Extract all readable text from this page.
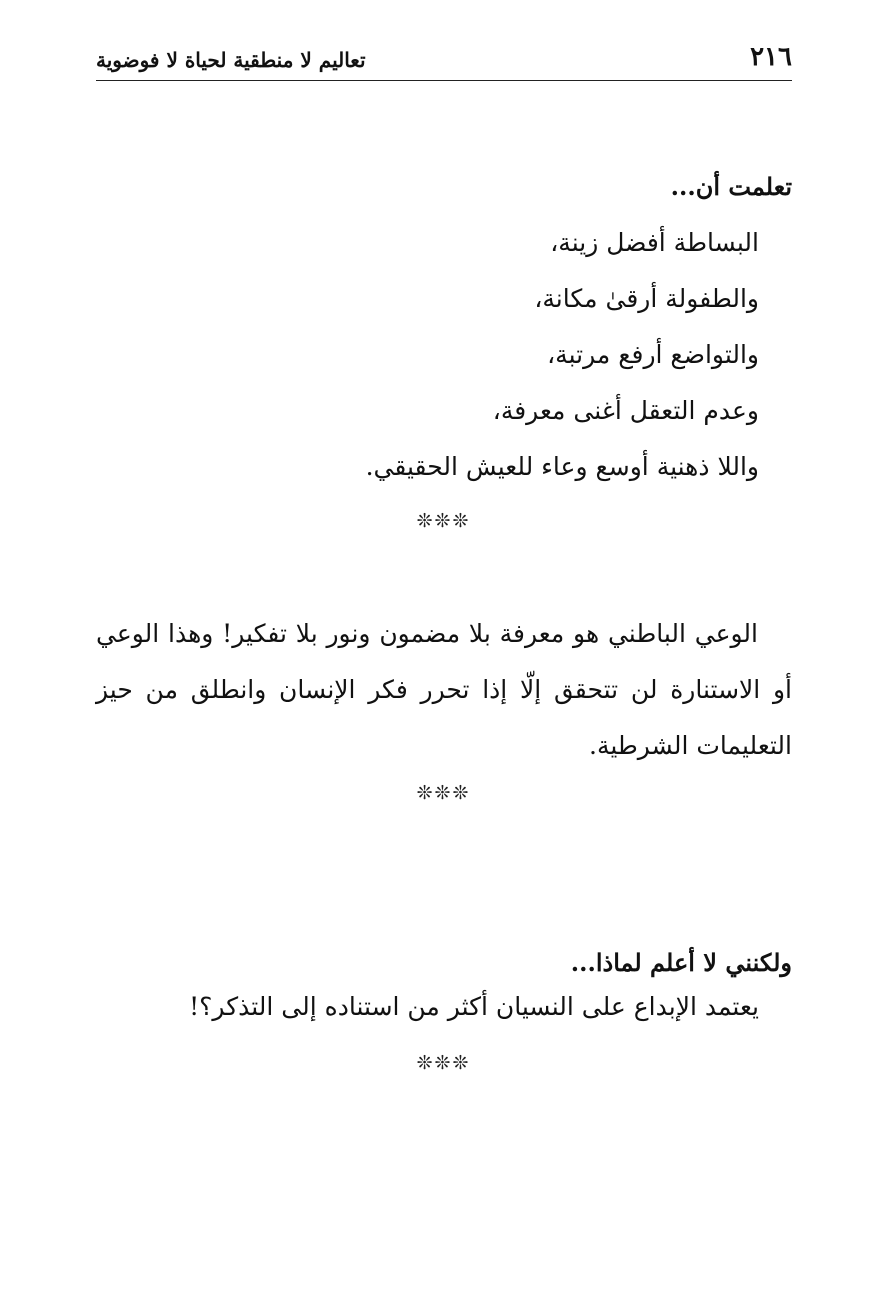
٢١٦
تعاليم لا منطقية لحياة لا فوضوية
تعلمت أن...
البساطة أفضل زينة،
والطفولة أرقىٰ مكانة،
والتواضع أرفع مرتبة،
وعدم التعقل أغنى معرفة،
واللا ذهنية أوسع وعاء للعيش الحقيقي.
❊❊❊

الوعي الباطني هو معرفة بلا مضمون ونور بلا تفكير! وهذا الوعي أو الاستنارة لن تتحقق إلّا إذا تحرر فكر الإنسان وانطلق من حيز التعليمات الشرطية.

❊❊❊
ولكنني لا أعلم لماذا...
يعتمد الإبداع على النسيان أكثر من استناده إلى التذكر؟!
❊❊❊
